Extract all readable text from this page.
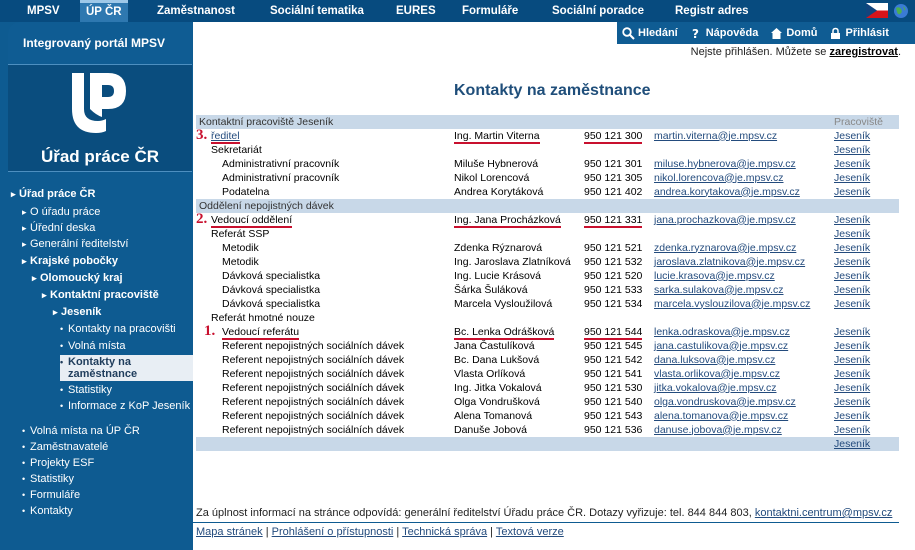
MPSV	ÚP ČR	Zaměstnanost	Sociální tematika	EURES	Formuláře	Sociální poradce	Registr adres
Integrovaný portál MPSV
Úřad práce ČR
▸ Úřad práce ČR
▸ O úřadu práce
▸ Úřední deska
▸ Generální ředitelství
▸ Krajské pobočky
▸ Olomoucký kraj
▸ Kontaktní pracoviště
▸ Jeseník
• Kontakty na pracovišti
• Volná místa
• Kontakty na zaměstnance
• Statistiky
• Informace z KoP Jeseník
• Volná místa na ÚP ČR
• Zaměstnavatelé
• Projekty ESF
• Statistiky
• Formuláře
• Kontakty
Hledání ? Nápověda	Domů	Přihlásit
Nejste přihlášen. Můžete se zaregistrovat.
Kontakty na zaměstnance
Kontaktní pracoviště Jeseník				Pracoviště
ředitel	Ing. Martin Viterna	950 121 300	martin.viterna@je.mpsv.cz	Jeseník
Sekretariát				Jeseník
Administrativní pracovník	Miluše Hybnerová	950 121 301	miluse.hybnerova@je.mpsv.cz	Jeseník
Administrativní pracovník	Nikol Lorencová	950 121 305	nikol.lorencova@je.mpsv.cz	Jeseník
Podatelna	Andrea Korytáková	950 121 402	andrea.korytakova@je.mpsv.cz	Jeseník
Oddělení nepojistných dávek				
Vedoucí oddělení	Ing. Jana Procházková	950 121 331	jana.prochazkova@je.mpsv.cz	Jeseník
Referát SSP				Jeseník
Metodik	Zdenka Rýznarová	950 121 521	zdenka.ryznarova@je.mpsv.cz	Jeseník
Metodik	Ing. Jaroslava Zlatníková	950 121 532	jaroslava.zlatnikova@je.mpsv.cz	Jeseník
Dávková specialistka	Ing. Lucie Krásová	950 121 520	lucie.krasova@je.mpsv.cz	Jeseník
Dávková specialistka	Šárka Šuláková	950 121 533	sarka.sulakova@je.mpsv.cz	Jeseník
Dávková specialistka	Marcela Vysloužilová	950 121 534	marcela.vyslouzilova@je.mpsv.cz	Jeseník
Referát hmotné nouze				
Vedoucí referátu	Bc. Lenka Odrášková	950 121 544	lenka.odraskova@je.mpsv.cz	Jeseník
Referent nepojistných sociálních dávek	Jana Častulíková	950 121 545	jana.castulikova@je.mpsv.cz	Jeseník
Referent nepojistných sociálních dávek	Bc. Dana Lukšová	950 121 542	dana.luksova@je.mpsv.cz	Jeseník
Referent nepojistných sociálních dávek	Vlasta Orlíková	950 121 541	vlasta.orlikova@je.mpsv.cz	Jeseník
Referent nepojistných sociálních dávek	Ing. Jitka Vokalová	950 121 530	jitka.vokalova@je.mpsv.cz	Jeseník
Referent nepojistných sociálních dávek	Olga Vondrušková	950 121 540	olga.vondruskova@je.mpsv.cz	Jeseník
Referent nepojistných sociálních dávek	Alena Tomanová	950 121 543	alena.tomanova@je.mpsv.cz	Jeseník
Referent nepojistných sociálních dávek	Danuše Jobová	950 121 536	danuse.jobova@je.mpsv.cz	Jeseník
				Jeseník
3.
2.
1.
Za úplnost informací na stránce odpovídá: generální ředitelství Úřadu práce ČR. Dotazy vyřizuje: tel. 844 844 803, kontaktni.centrum@mpsv.cz
Mapa stránek | Prohlášení o přístupnosti | Technická správa | Textová verze
